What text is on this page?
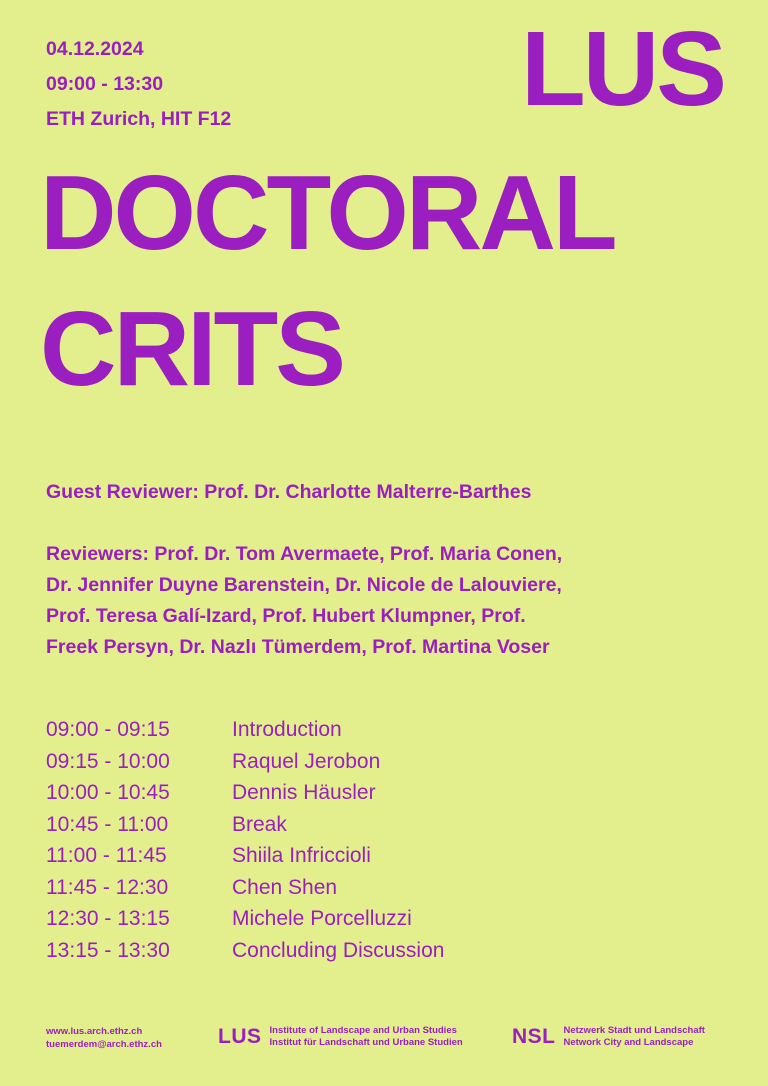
04.12.2024
09:00 - 13:30
ETH Zurich, HIT F12	LUS
DOCTORAL
CRITS

Guest Reviewer: Prof. Dr. Charlotte Malterre-Barthes

Reviewers: Prof. Dr. Tom Avermaete, Prof. Maria Conen,

Dr. Jennifer Duyne Barenstein, Dr. Nicole de Lalouviere,

Prof. Teresa Galí-Izard, Prof. Hubert Klumpner, Prof.

Freek Persyn, Dr. Nazlı Tümerdem, Prof. Martina Voser

09:00 - 09:15	Introduction
09:15 - 10:00	Raquel Jerobon
10:00 - 10:45	Dennis Häusler
10:45 - 11:00	Break
11:00 - 11:45	Shiila Infriccioli
11:45 - 12:30	Chen Shen
12:30 - 13:15	Michele Porcelluzzi
13:15 - 13:30	Concluding Discussion
www.lus.arch.ethz.ch
tuemerdem@arch.ethz.ch	LUS Institute of Landscape and Urban Studies
Institut für Landschaft und Urbane Studien NSL Netzwerk Stadt und Landschaft
Network City and Landscape
